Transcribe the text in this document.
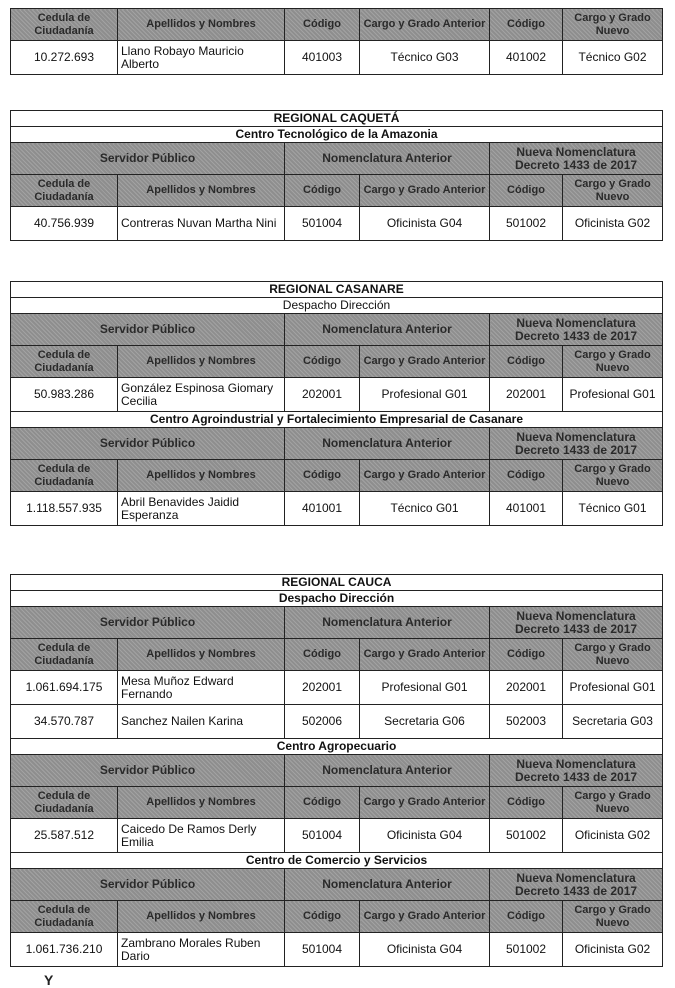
Cedula de Ciudadanía	Apellidos y Nombres	Código	Cargo y Grado Anterior	Código	Cargo y Grado Nuevo
10.272.693	Llano Robayo Mauricio Alberto	401003	Técnico G03	401002	Técnico G02
REGIONAL CAQUETÁ					
Centro Tecnológico de la Amazonia					
Servidor Público		Nomenclatura Anterior		Nueva Nomenclatura Decreto 1433 de 2017	
Cedula de Ciudadanía	Apellidos y Nombres	Código	Cargo y Grado Anterior	Código	Cargo y Grado Nuevo
40.756.939	Contreras Nuvan Martha Nini	501004	Oficinista G04	501002	Oficinista G02
REGIONAL CASANARE					
Despacho Dirección					
Servidor Público		Nomenclatura Anterior		Nueva Nomenclatura Decreto 1433 de 2017	
Cedula de Ciudadanía	Apellidos y Nombres	Código	Cargo y Grado Anterior	Código	Cargo y Grado Nuevo
50.983.286	González Espinosa Giomary Cecilia	202001	Profesional G01	202001	Profesional G01
Centro Agroindustrial y Fortalecimiento Empresarial de Casanare					
Servidor Público		Nomenclatura Anterior		Nueva Nomenclatura Decreto 1433 de 2017	
Cedula de Ciudadanía	Apellidos y Nombres	Código	Cargo y Grado Anterior	Código	Cargo y Grado Nuevo
1.118.557.935	Abril Benavides Jaidid Esperanza	401001	Técnico G01	401001	Técnico G01
REGIONAL CAUCA					
Despacho Dirección					
Servidor Público		Nomenclatura Anterior		Nueva Nomenclatura Decreto 1433 de 2017	
Cedula de Ciudadanía	Apellidos y Nombres	Código	Cargo y Grado Anterior	Código	Cargo y Grado Nuevo
1.061.694.175	Mesa Muñoz Edward Fernando	202001	Profesional G01	202001	Profesional G01
34.570.787	Sanchez Nailen Karina	502006	Secretaria G06	502003	Secretaria G03
Centro Agropecuario					
Servidor Público		Nomenclatura Anterior		Nueva Nomenclatura Decreto 1433 de 2017	
Cedula de Ciudadanía	Apellidos y Nombres	Código	Cargo y Grado Anterior	Código	Cargo y Grado Nuevo
25.587.512	Caicedo De Ramos Derly Emilia	501004	Oficinista G04	501002	Oficinista G02
Centro de Comercio y Servicios					
Servidor Público		Nomenclatura Anterior		Nueva Nomenclatura Decreto 1433 de 2017	
Cedula de Ciudadanía	Apellidos y Nombres	Código	Cargo y Grado Anterior	Código	Cargo y Grado Nuevo
1.061.736.210	Zambrano Morales Ruben Dario	501004	Oficinista G04	501002	Oficinista G02
Y
